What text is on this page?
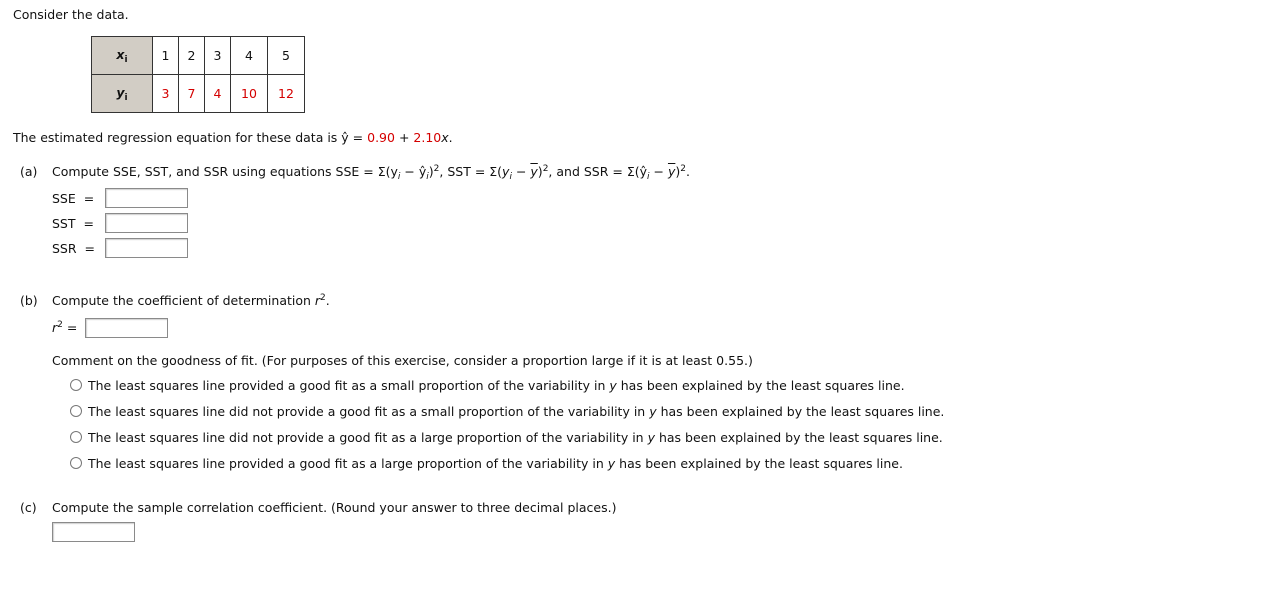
Consider the data.
$x_i$	1	2	3	4	5
$y_i$	3	7	4	10	12
The estimated regression equation for these data is ŷ = 0.90 + 2.10x.
(a) Compute SSE, SST, and SSR using equations SSE = $\Sigma(y_i$ − $ŷ_i)^2$, SST = $\Sigma(y_i - \overline{y})^2$, and SSR = $\Sigma(ŷ_i - \overline{y})^2$.
SSE  =
SST  =
SSR  =
(b) Compute the coefficient of determination $r^2$.
$r^2$ =
Comment on the goodness of fit. (For purposes of this exercise, consider a proportion large if it is at least 0.55.)
The least squares line provided a good fit as a small proportion of the variability in y has been explained by the least squares line.
The least squares line did not provide a good fit as a small proportion of the variability in y has been explained by the least squares line.
The least squares line did not provide a good fit as a large proportion of the variability in y has been explained by the least squares line.
The least squares line provided a good fit as a large proportion of the variability in y has been explained by the least squares line.
(c) Compute the sample correlation coefficient. (Round your answer to three decimal places.)
